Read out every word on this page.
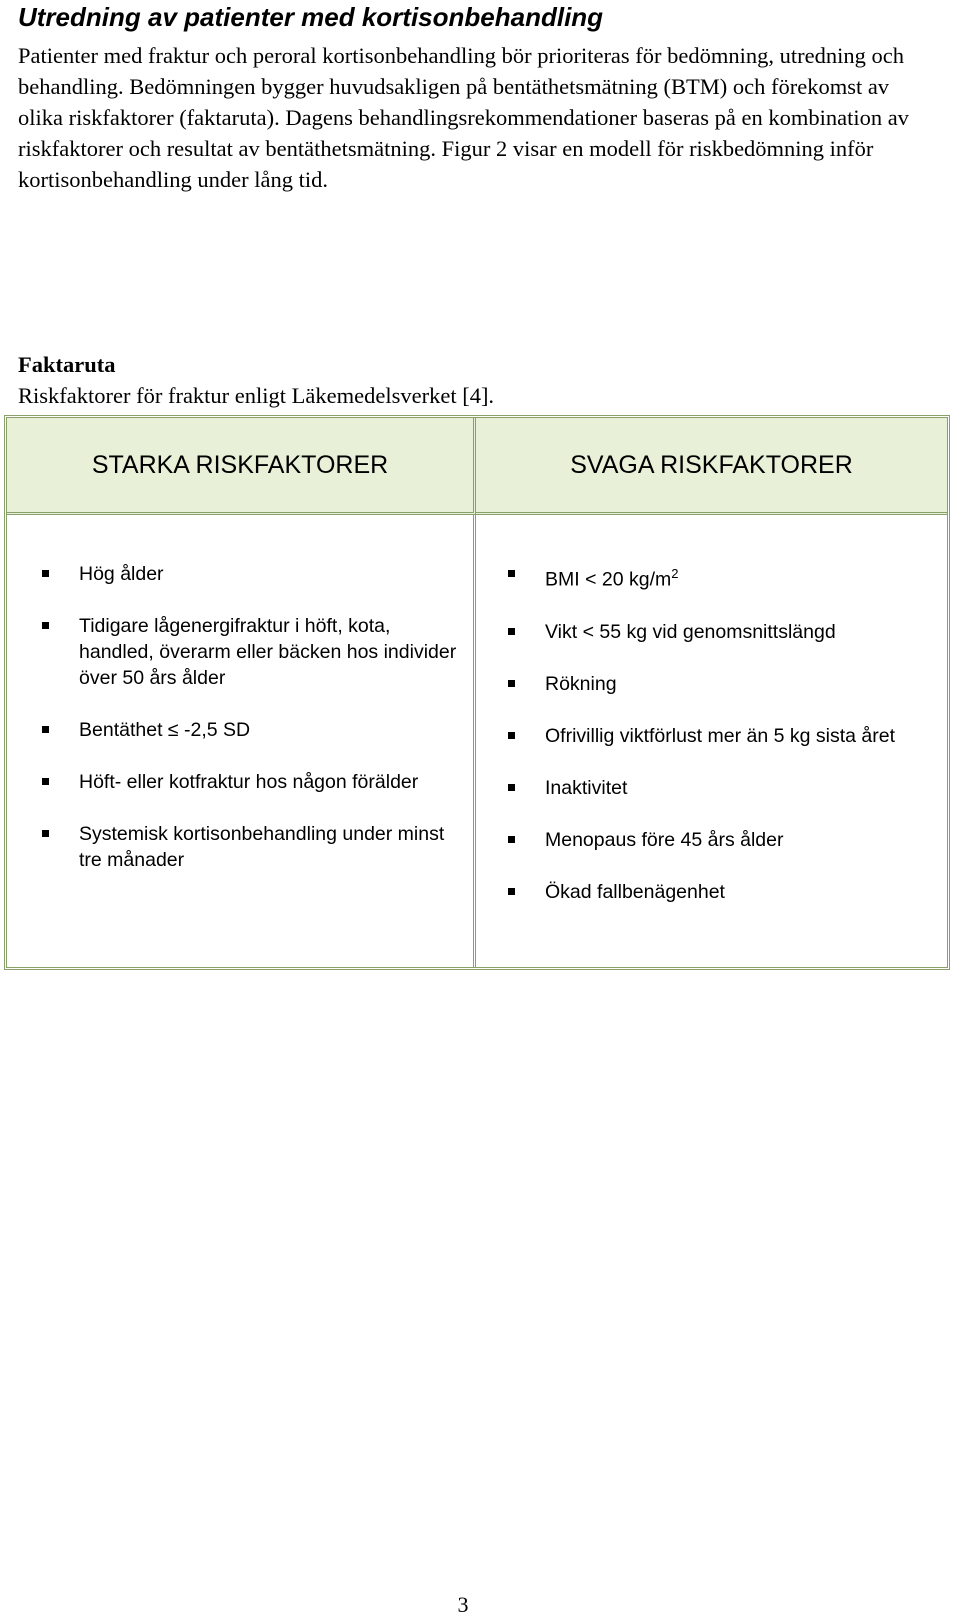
Utredning av patienter med kortisonbehandling

Patienter med fraktur och peroral kortisonbehandling bör prioriteras för bedömning, utredning och behandling. Bedömningen bygger huvudsakligen på bentäthetsmätning (BTM) och förekomst av olika riskfaktorer (faktaruta). Dagens behandlingsrekommendationer baseras på en kombination av riskfaktorer och resultat av bentäthetsmätning. Figur 2 visar en modell för riskbedömning inför kortisonbehandling under lång tid.

Faktaruta
Riskfaktorer för fraktur enligt Läkemedelsverket [4].
STARKA RISKFAKTORER	SVAGA RISKFAKTORER
Hög ålder
Tidigare lågenergifraktur i höft, kota, handled, överarm eller bäcken hos individer över 50 års ålder
Bentäthet ≤ -2,5 SD
Höft- eller kotfraktur hos någon förälder
Systemisk kortisonbehandling under minst tre månader
BMI < 20 $kg/m^2$
Vikt < 55 kg vid genomsnittslängd
Rökning
Ofrivillig viktförlust mer än 5 kg sista året
Inaktivitet
Menopaus före 45 års ålder
Ökad fallbenägenhet
3
